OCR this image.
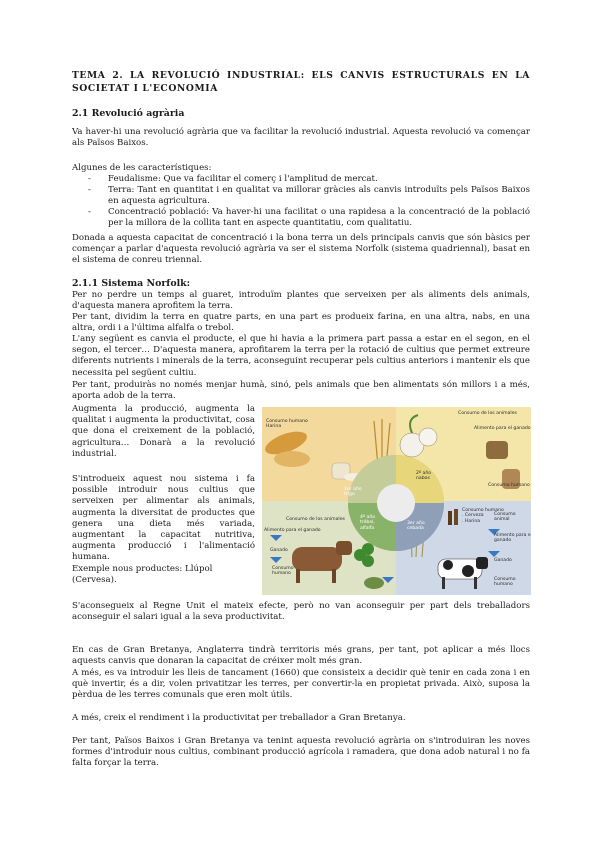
TEMA 2. LA REVOLUCIÓ INDUSTRIAL: ELS CANVIS ESTRUCTURALS EN LA SOCIETAT I L'ECONOMIA
2.1 Revolució agrària
Va haver-hi una revolució agrària que va facilitar la revolució industrial. Aquesta revolució va començar als Països Baixos.
Algunes de les característiques:
- Feudalisme: Que va facilitar el comerç i l'amplitud de mercat.
- Terra: Tant en quantitat i en qualitat va millorar gràcies als canvis introduïts pels Països Baixos en aquesta agricultura.
- Concentració població: Va haver-hi una facilitat o una rapidesa a la concentració de la població per la millora de la collita tant en aspecte quantitatiu, com qualitatiu.
Donada a aquesta capacitat de concentració i la bona terra un dels principals canvis que són bàsics per començar a parlar d'aquesta revolució agrària va ser el sistema Norfolk (sistema quadriennal), basat en el sistema de conreu triennal.
2.1.1 Sistema Norfolk:
Per no perdre un temps al guaret, introduïm plantes que serveixen per als aliments dels animals, d'aquesta manera aprofitem la terra.
Per tant, dividim la terra en quatre parts, en una part es produeix farina, en una altra, nabs, en una altra, ordi i a l'última alfalfa o trebol.
L'any següent es canvia el producte, el que hi havia a la primera part passa a estar en el segon, en el segon, el tercer… D'aquesta manera, aprofitarem la terra per la rotació de cultius que permet extreure diferents nutrients i minerals de la terra, aconseguint recuperar pels cultius anteriors i mantenir els que necessita pel següent cultiu.
Per tant, produiràs no només menjar humà, sinó, pels animals que ben alimentats són millors i a més, aporta adob de la terra.
Augmenta la producció, augmenta la qualitat i augmenta la productivitat, cosa que dona el creixement de la població, agricultura… Donarà a la revolució industrial.
S'introdueix aquest nou sistema i fa possible introduir nous cultius que serveixen per alimentar als animals, augmenta la diversitat de productes que genera una dieta més variada, augmentant la capacitat nutritiva, augmenta producció i l'alimentació humana.
Exemple nous productes: Llúpol (Cervesa).
S'aconsegueix al Regne Unit el mateix efecte, però no van aconseguir per part dels treballadors aconseguir el salari igual a la seva productivitat.
En cas de Gran Bretanya, Anglaterra tindrà territoris més grans, per tant, pot aplicar a més llocs aquests canvis que donaran la capacitat de créixer molt més gran.
A més, es va introduir les lleis de tancament (1660) que consisteix a decidir què tenir en cada zona i en què invertir, és a dir, volen privatitzar les terres, per convertir-la en propietat privada. Això, suposa la pèrdua de les terres comunals que eren molt útils.
A més, creix el rendiment i la productivitat per treballador a Gran Bretanya.
Per tant, Països Baixos i Gran Bretanya va tenint aquesta revolució agrària on s'introduiran les noves formes d'introduir nous cultius, combinant producció agrícola i ramadera, que dona adob natural i no fa falta forçar la terra.
Consumo humano
Harina
Consumo de los animales
Alimento para el ganado
Consumo humano
Consumo de los animales
Alimento para el ganado
Ganado
Consumo
humano
1er año
trigo
2º año
nabos
3er año
cebada
4º año
trébol,
alfalfa
Consumo humano
. Cerveza
. Harina
Consumo
animal
Alimento para e
ganado
Ganado
Consumo
humano
